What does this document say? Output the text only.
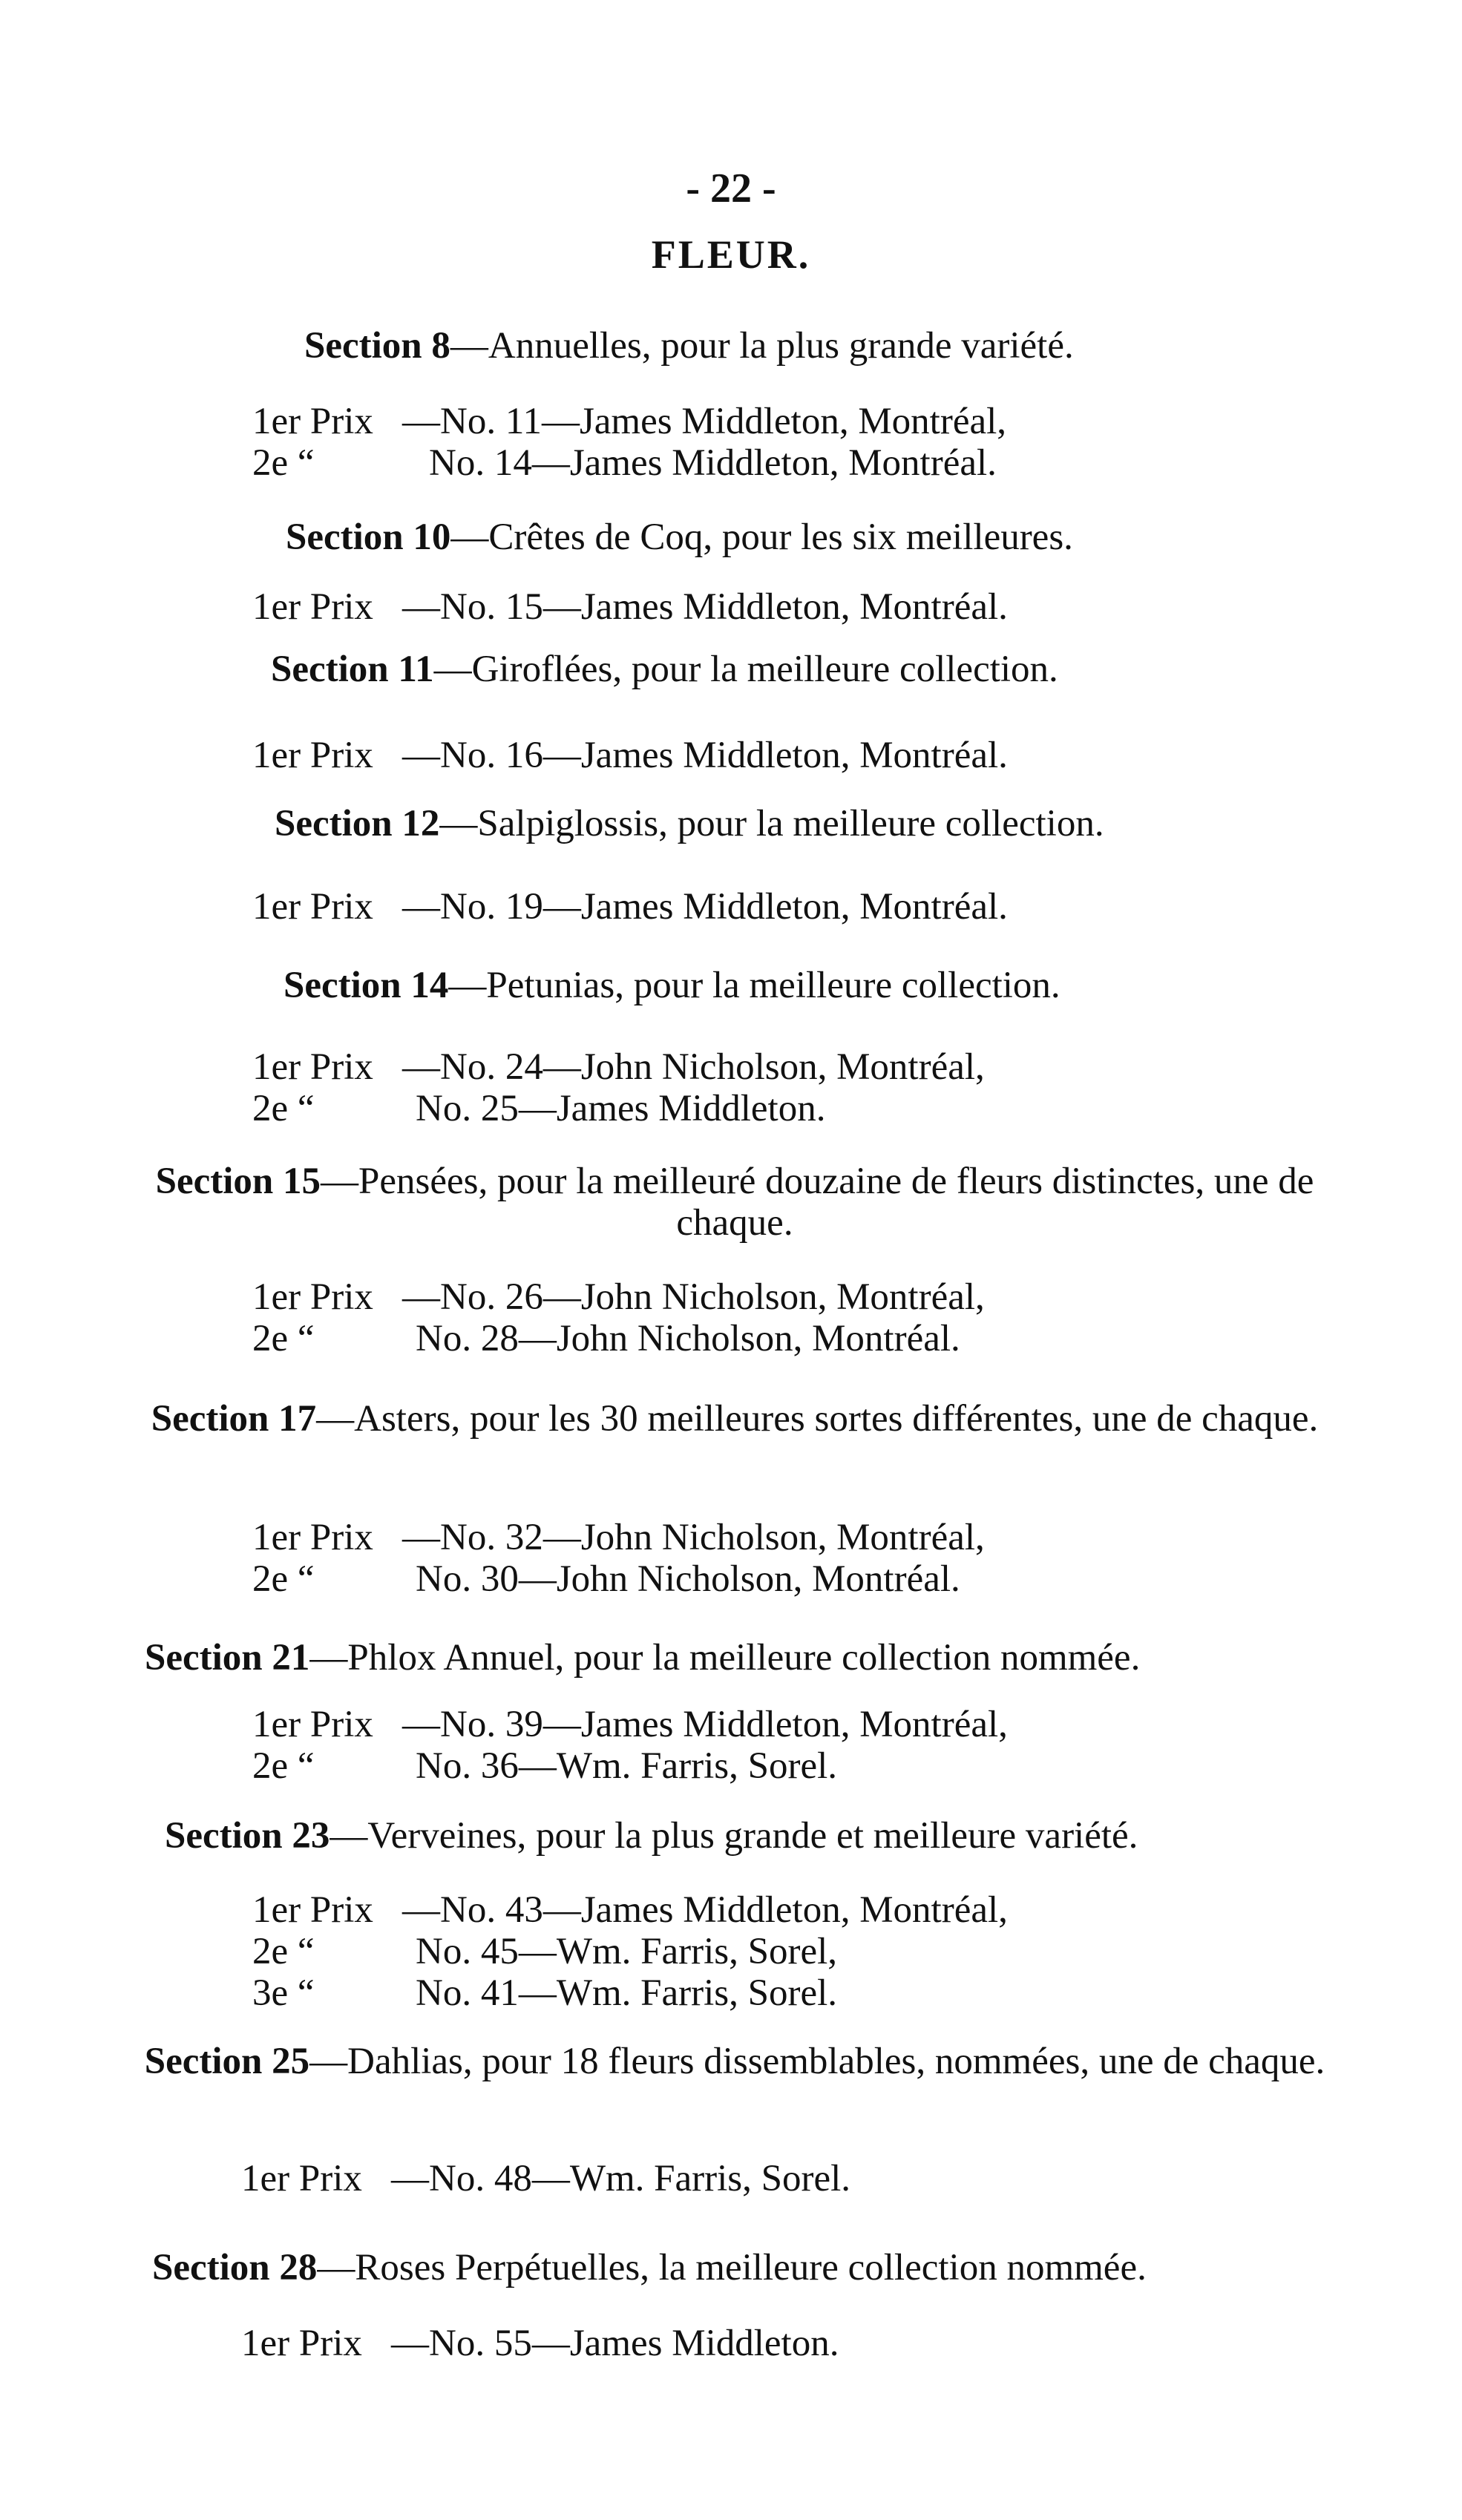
- 22 -
FLEUR.
Section 8—Annuelles, pour la plus grande variété.
1er Prix —No. 11—James Middleton, Montréal,
2e “	No. 14—James Middleton, Montréal.
Section 10—Crêtes de Coq, pour les six meilleures.
1er Prix —No. 15—James Middleton, Montréal.
Section 11—Giroflées, pour la meilleure collection.
1er Prix —No. 16—James Middleton, Montréal.
Section 12—Salpiglossis, pour la meilleure collection.
1er Prix —No. 19—James Middleton, Montréal.
Section 14—Petunias, pour la meilleure collection.
1er Prix —No. 24—John Nicholson, Montréal,
2e “	No. 25—James Middleton.
Section 15—Pensées, pour la meilleuré douzaine de fleurs distinctes, une de chaque.
1er Prix —No. 26—John Nicholson, Montréal,
2e “	No. 28—John Nicholson, Montréal.
Section 17—Asters, pour les 30 meilleures sortes différentes, une de chaque.
1er Prix —No. 32—John Nicholson, Montréal,
2e “	No. 30—John Nicholson, Montréal.
Section 21—Phlox Annuel, pour la meilleure collection nommée.
1er Prix —No. 39—James Middleton, Montréal,
2e “	No. 36—Wm. Farris, Sorel.
Section 23—Verveines, pour la plus grande et meilleure variété.
1er Prix —No. 43—James Middleton, Montréal,
2e “	No. 45—Wm. Farris, Sorel,
3e “	No. 41—Wm. Farris, Sorel.
Section 25—Dahlias, pour 18 fleurs dissemblables, nommées, une de chaque.
1er Prix —No. 48—Wm. Farris, Sorel.
Section 28—Roses Perpétuelles, la meilleure collection nommée.
1er Prix —No. 55—James Middleton.
